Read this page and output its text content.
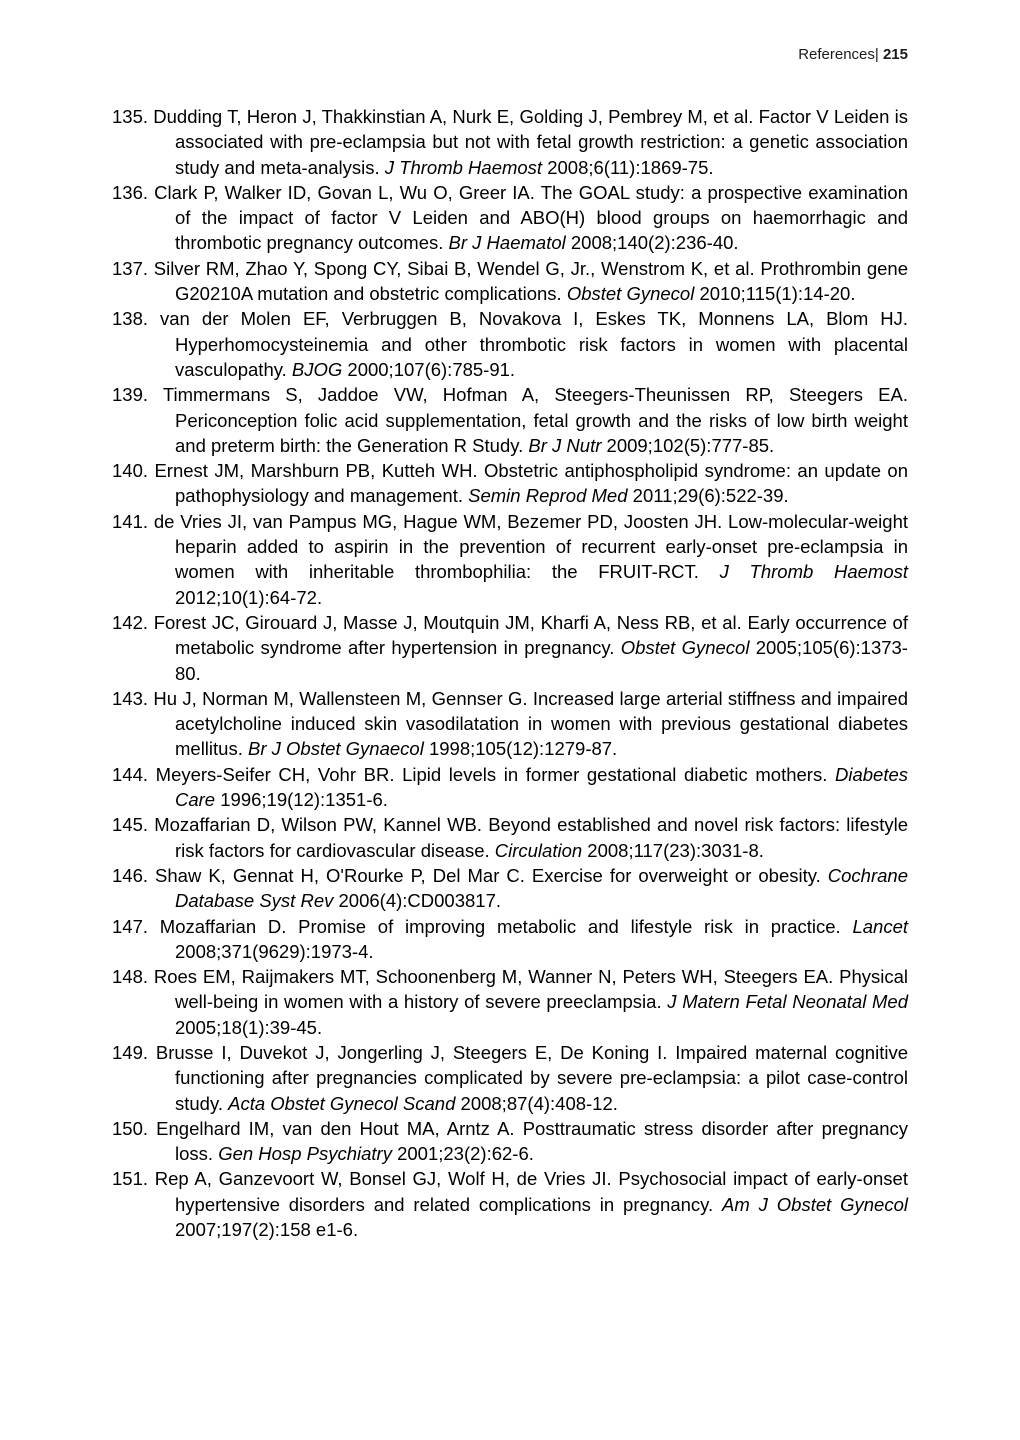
References| 215
135. Dudding T, Heron J, Thakkinstian A, Nurk E, Golding J, Pembrey M, et al. Factor V Leiden is associated with pre-eclampsia but not with fetal growth restriction: a genetic association study and meta-analysis. J Thromb Haemost 2008;6(11):1869-75.
136. Clark P, Walker ID, Govan L, Wu O, Greer IA. The GOAL study: a prospective examination of the impact of factor V Leiden and ABO(H) blood groups on haemorrhagic and thrombotic pregnancy outcomes. Br J Haematol 2008;140(2):236-40.
137. Silver RM, Zhao Y, Spong CY, Sibai B, Wendel G, Jr., Wenstrom K, et al. Prothrombin gene G20210A mutation and obstetric complications. Obstet Gynecol 2010;115(1):14-20.
138. van der Molen EF, Verbruggen B, Novakova I, Eskes TK, Monnens LA, Blom HJ. Hyperhomocysteinemia and other thrombotic risk factors in women with placental vasculopathy. BJOG 2000;107(6):785-91.
139. Timmermans S, Jaddoe VW, Hofman A, Steegers-Theunissen RP, Steegers EA. Periconception folic acid supplementation, fetal growth and the risks of low birth weight and preterm birth: the Generation R Study. Br J Nutr 2009;102(5):777-85.
140. Ernest JM, Marshburn PB, Kutteh WH. Obstetric antiphospholipid syndrome: an update on pathophysiology and management. Semin Reprod Med 2011;29(6):522-39.
141. de Vries JI, van Pampus MG, Hague WM, Bezemer PD, Joosten JH. Low-molecular-weight heparin added to aspirin in the prevention of recurrent early-onset pre-eclampsia in women with inheritable thrombophilia: the FRUIT-RCT. J Thromb Haemost 2012;10(1):64-72.
142. Forest JC, Girouard J, Masse J, Moutquin JM, Kharfi A, Ness RB, et al. Early occurrence of metabolic syndrome after hypertension in pregnancy. Obstet Gynecol 2005;105(6):1373-80.
143. Hu J, Norman M, Wallensteen M, Gennser G. Increased large arterial stiffness and impaired acetylcholine induced skin vasodilatation in women with previous gestational diabetes mellitus. Br J Obstet Gynaecol 1998;105(12):1279-87.
144. Meyers-Seifer CH, Vohr BR. Lipid levels in former gestational diabetic mothers. Diabetes Care 1996;19(12):1351-6.
145. Mozaffarian D, Wilson PW, Kannel WB. Beyond established and novel risk factors: lifestyle risk factors for cardiovascular disease. Circulation 2008;117(23):3031-8.
146. Shaw K, Gennat H, O'Rourke P, Del Mar C. Exercise for overweight or obesity. Cochrane Database Syst Rev 2006(4):CD003817.
147. Mozaffarian D. Promise of improving metabolic and lifestyle risk in practice. Lancet 2008;371(9629):1973-4.
148. Roes EM, Raijmakers MT, Schoonenberg M, Wanner N, Peters WH, Steegers EA. Physical well-being in women with a history of severe preeclampsia. J Matern Fetal Neonatal Med 2005;18(1):39-45.
149. Brusse I, Duvekot J, Jongerling J, Steegers E, De Koning I. Impaired maternal cognitive functioning after pregnancies complicated by severe pre-eclampsia: a pilot case-control study. Acta Obstet Gynecol Scand 2008;87(4):408-12.
150. Engelhard IM, van den Hout MA, Arntz A. Posttraumatic stress disorder after pregnancy loss. Gen Hosp Psychiatry 2001;23(2):62-6.
151. Rep A, Ganzevoort W, Bonsel GJ, Wolf H, de Vries JI. Psychosocial impact of early-onset hypertensive disorders and related complications in pregnancy. Am J Obstet Gynecol 2007;197(2):158 e1-6.
